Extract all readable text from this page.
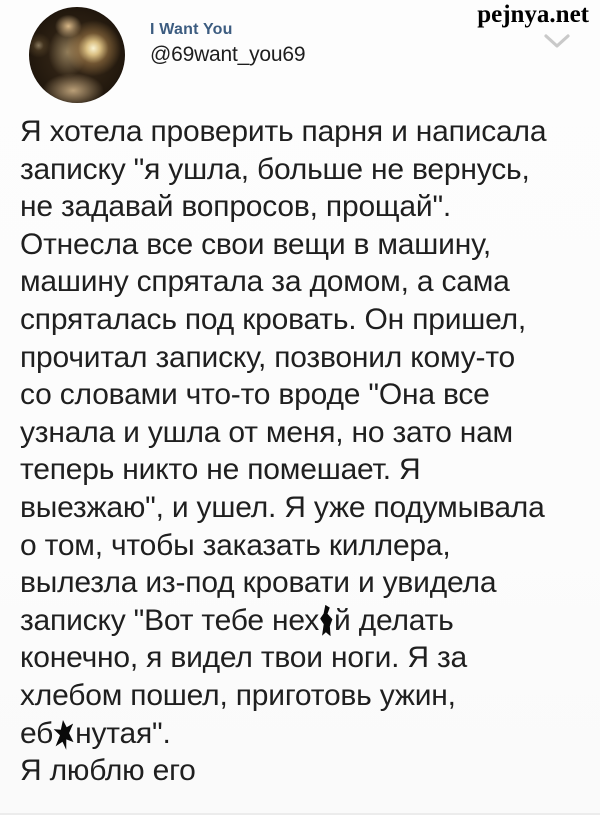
I Want You
@69want_you69
pejnya.net
Я хотела проверить парня и написала
записку "я ушла, больше не вернусь,
не задавай вопросов, прощай".
Отнесла все свои вещи в машину,
машину спрятала за домом, а сама
спряталась под кровать. Он пришел,
прочитал записку, позвонил кому-то
со словами что-то вроде "Она все
узнала и ушла от меня, но зато нам
теперь никто не помешает. Я
выезжаю", и ушел. Я уже подумывала
о том, чтобы заказать киллера,
вылезла из-под кровати и увидела
записку "Вот тебе нех й делать
конечно, я видел твои ноги. Я за
хлебом пошел, приготовь ужин,
еб нутая".
Я люблю его
